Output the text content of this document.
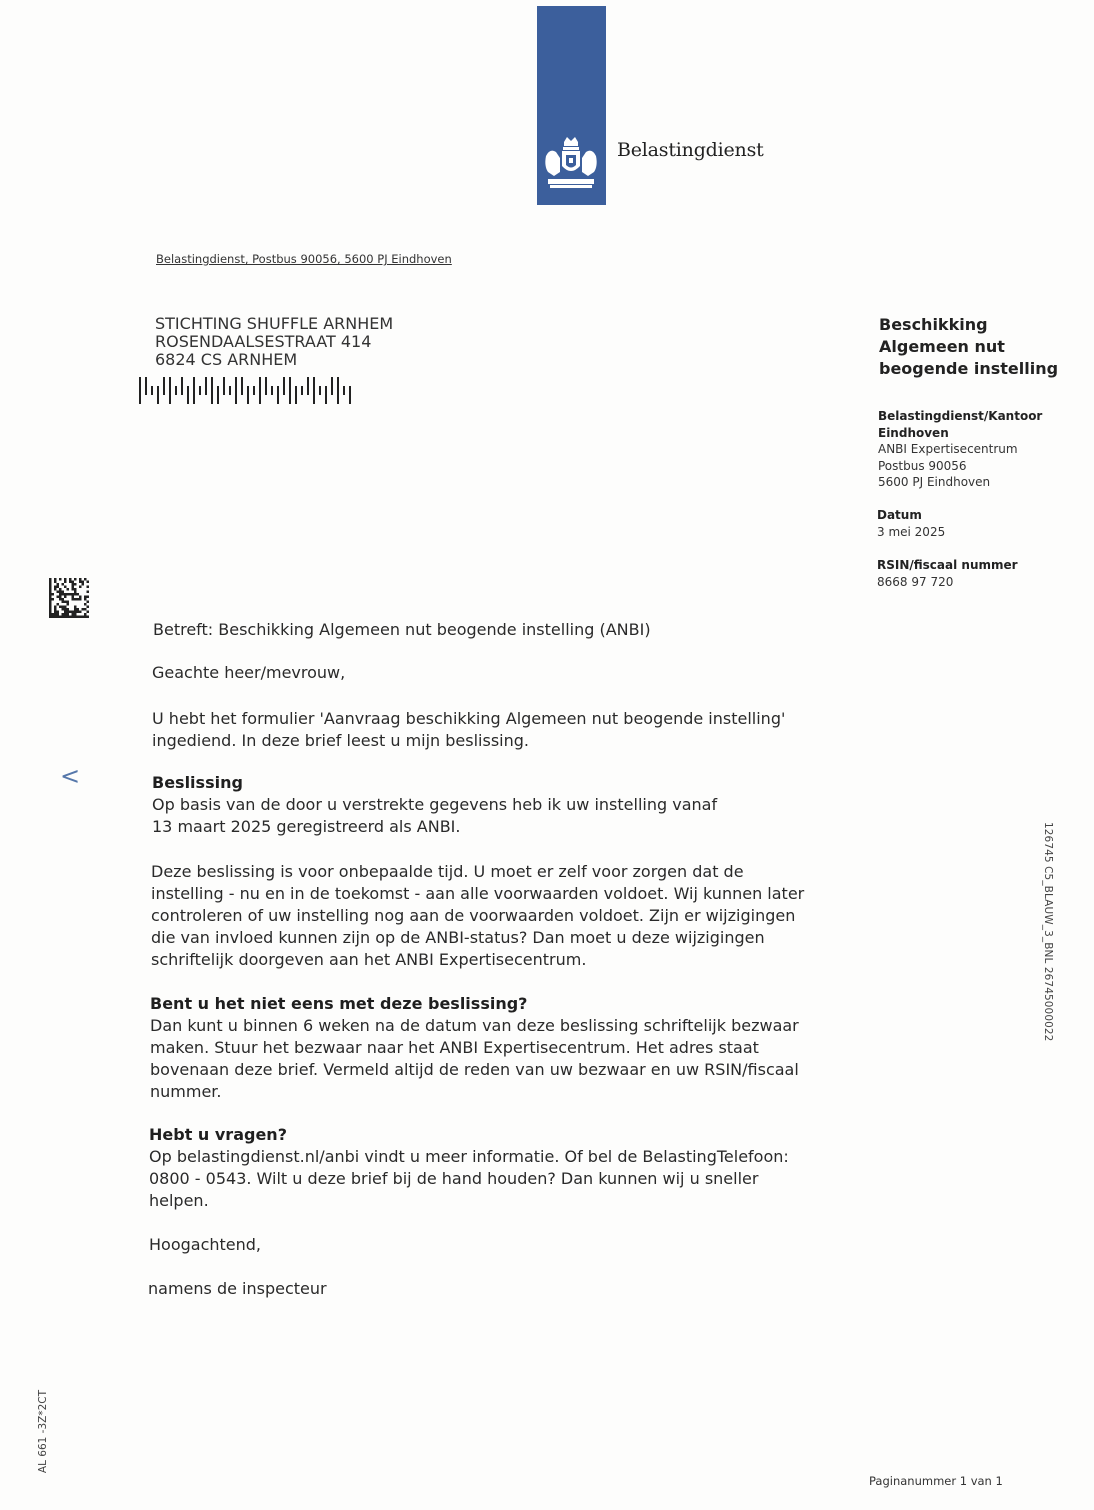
Belastingdienst
Belastingdienst, Postbus 90056, 5600 PJ Eindhoven
STICHTING SHUFFLE ARNHEM
ROSENDAALSESTRAAT 414
6824 CS ARNHEM
Beschikking
Algemeen nut
beogende instelling
Belastingdienst/Kantoor
Eindhoven
ANBI Expertisecentrum
Postbus 90056
5600 PJ Eindhoven
Datum
3 mei 2025
RSIN/fiscaal nummer
8668 97 720
<
Betreft: Beschikking Algemeen nut beogende instelling (ANBI)
Geachte heer/mevrouw,
U hebt het formulier 'Aanvraag beschikking Algemeen nut beogende instelling'
ingediend. In deze brief leest u mijn beslissing.
Beslissing
Op basis van de door u verstrekte gegevens heb ik uw instelling vanaf
13 maart 2025 geregistreerd als ANBI.
Deze beslissing is voor onbepaalde tijd. U moet er zelf voor zorgen dat de
instelling - nu en in de toekomst - aan alle voorwaarden voldoet. Wij kunnen later
controleren of uw instelling nog aan de voorwaarden voldoet. Zijn er wijzigingen
die van invloed kunnen zijn op de ANBI-status? Dan moet u deze wijzigingen
schriftelijk doorgeven aan het ANBI Expertisecentrum.
Bent u het niet eens met deze beslissing?
Dan kunt u binnen 6 weken na de datum van deze beslissing schriftelijk bezwaar
maken. Stuur het bezwaar naar het ANBI Expertisecentrum. Het adres staat
bovenaan deze brief. Vermeld altijd de reden van uw bezwaar en uw RSIN/fiscaal
nummer.
Hebt u vragen?
Op belastingdienst.nl/anbi vindt u meer informatie. Of bel de BelastingTelefoon:
0800 - 0543. Wilt u deze brief bij de hand houden? Dan kunnen wij u sneller
helpen.
Hoogachtend,
namens de inspecteur
126745 C5_BLAUW_3_BNL 26745000022
AL 661 -3Z*2CT
Paginanummer 1 van 1
